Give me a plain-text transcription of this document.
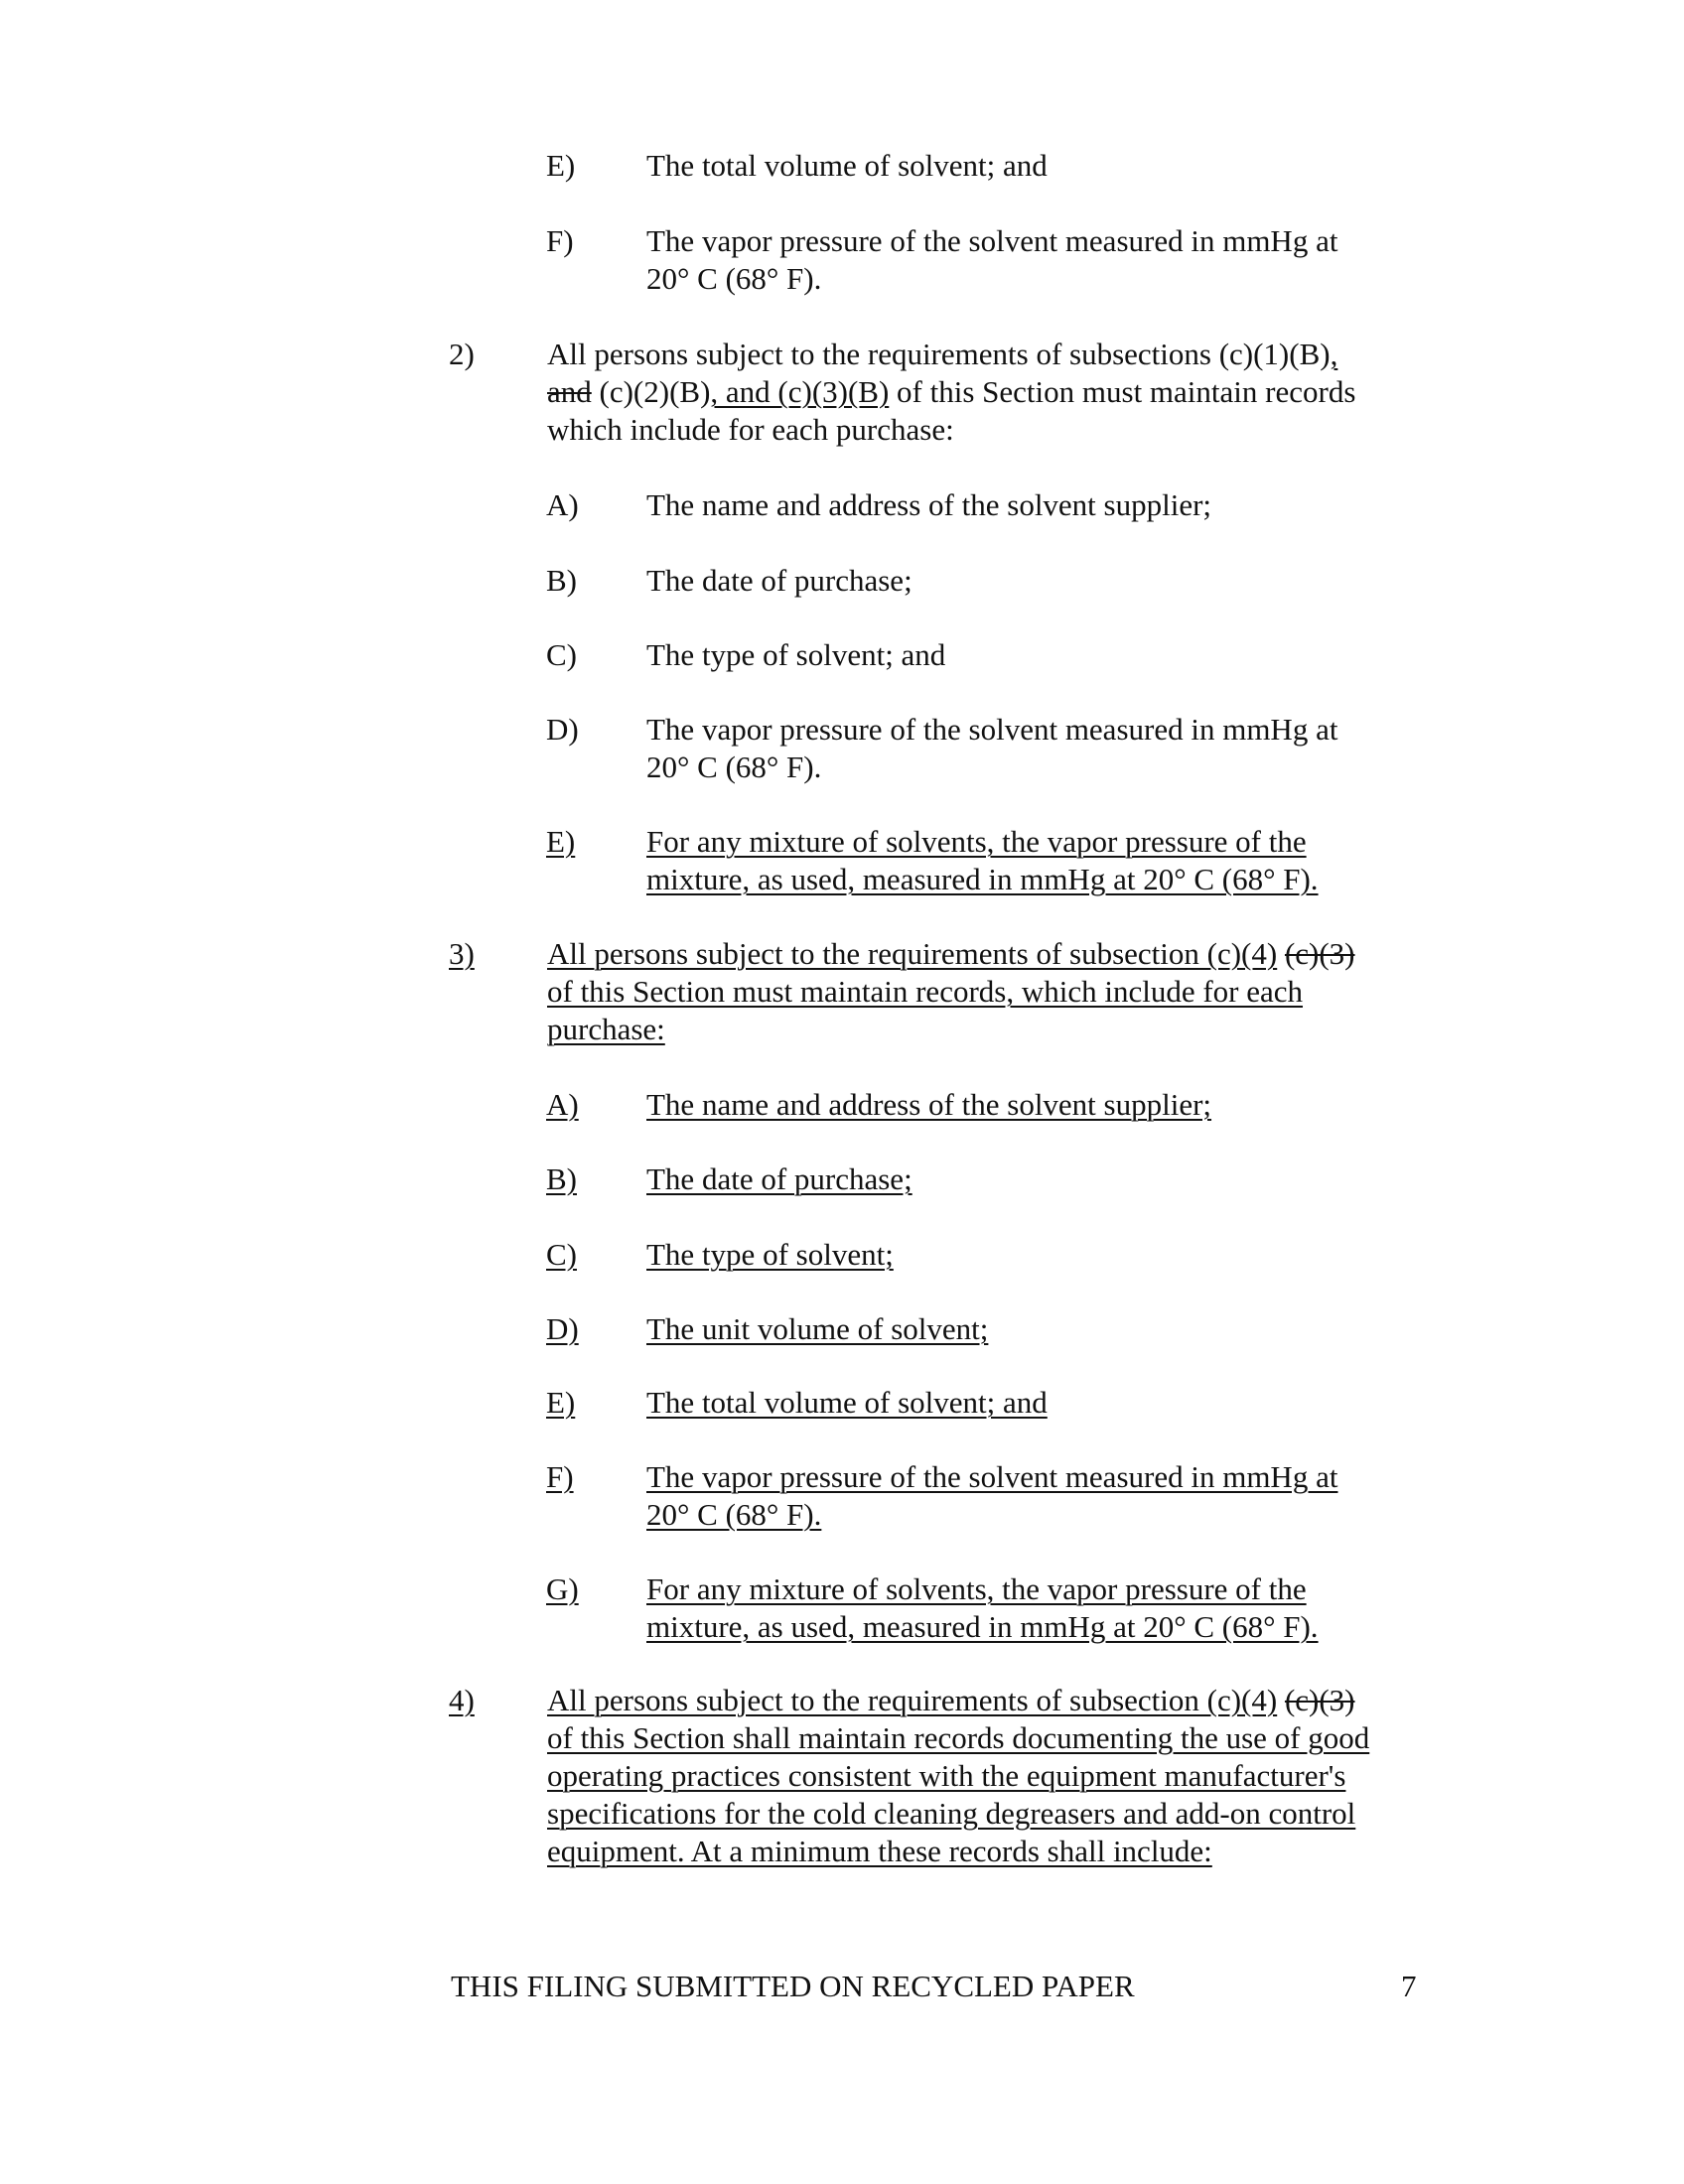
E) The total volume of solvent; and
F) The vapor pressure of the solvent measured in mmHg at
20° C (68° F).
2) All persons subject to the requirements of subsections (c)(1)(B),
and (c)(2)(B), and (c)(3)(B) of this Section must maintain records
which include for each purchase:
A) The name and address of the solvent supplier;
B) The date of purchase;
C) The type of solvent; and
D) The vapor pressure of the solvent measured in mmHg at
20° C (68° F).
E) For any mixture of solvents, the vapor pressure of the
mixture, as used, measured in mmHg at 20° C (68° F).
3) All persons subject to the requirements of subsection (c)(4) (c)(3)
of this Section must maintain records, which include for each
purchase:
A) The name and address of the solvent supplier;
B) The date of purchase;
C) The type of solvent;
D) The unit volume of solvent;
E) The total volume of solvent; and
F) The vapor pressure of the solvent measured in mmHg at
20° C (68° F).
G) For any mixture of solvents, the vapor pressure of the
mixture, as used, measured in mmHg at 20° C (68° F).
4) All persons subject to the requirements of subsection (c)(4) (c)(3)
of this Section shall maintain records documenting the use of good
operating practices consistent with the equipment manufacturer's
specifications for the cold cleaning degreasers and add-on control
equipment. At a minimum these records shall include:
THIS FILING SUBMITTED ON RECYCLED PAPER	7
